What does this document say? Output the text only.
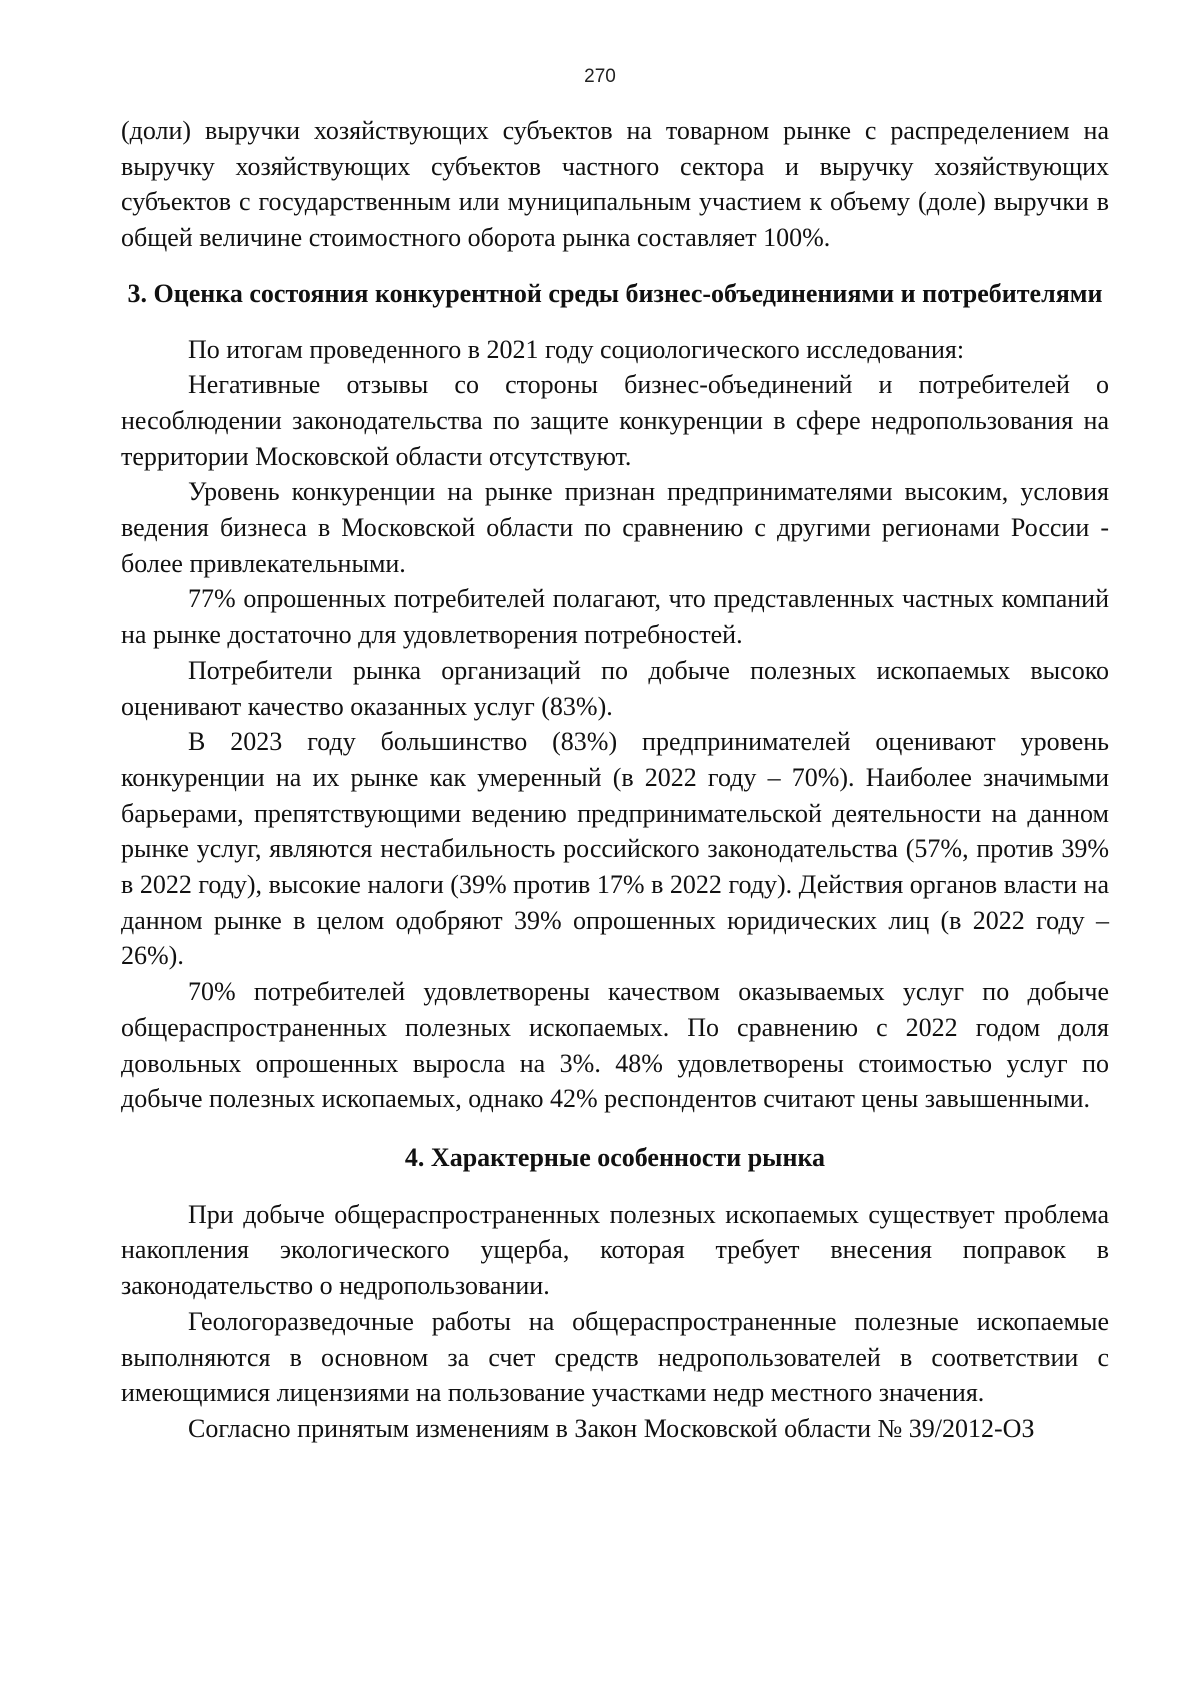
270

(доли) выручки хозяйствующих субъектов на товарном рынке с распределением на выручку хозяйствующих субъектов частного сектора и выручку хозяйствующих субъектов с государственным или муниципальным участием к объему (доле) выручки в общей величине стоимостного оборота рынка составляет 100%.

3. Оценка состояния конкурентной среды бизнес-объединениями и потребителями

По итогам проведенного в 2021 году социологического исследования:

Негативные отзывы со стороны бизнес-объединений и потребителей о несоблюдении законодательства по защите конкуренции в сфере недропользования на территории Московской области отсутствуют.

Уровень конкуренции на рынке признан предпринимателями высоким, условия ведения бизнеса в Московской области по сравнению с другими регионами России - более привлекательными.

77% опрошенных потребителей полагают, что представленных частных компаний на рынке достаточно для удовлетворения потребностей.

Потребители рынка организаций по добыче полезных ископаемых высоко оценивают качество оказанных услуг (83%).

В 2023 году большинство (83%) предпринимателей оценивают уровень конкуренции на их рынке как умеренный (в 2022 году – 70%). Наиболее значимыми барьерами, препятствующими ведению предпринимательской деятельности на данном рынке услуг, являются нестабильность российского законодательства (57%, против 39% в 2022 году), высокие налоги (39% против 17% в 2022 году). Действия органов власти на данном рынке в целом одобряют 39% опрошенных юридических лиц (в 2022 году – 26%).

70% потребителей удовлетворены качеством оказываемых услуг по добыче общераспространенных полезных ископаемых. По сравнению с 2022 годом доля довольных опрошенных выросла на 3%. 48% удовлетворены стоимостью услуг по добыче полезных ископаемых, однако 42% респондентов считают цены завышенными.

4. Характерные особенности рынка

При добыче общераспространенных полезных ископаемых существует проблема накопления экологического ущерба, которая требует внесения поправок в законодательство о недропользовании.

Геологоразведочные работы на общераспространенные полезные ископаемые выполняются в основном за счет средств недропользователей в соответствии с имеющимися лицензиями на пользование участками недр местного значения.

Согласно принятым изменениям в Закон Московской области № 39/2012-ОЗ
